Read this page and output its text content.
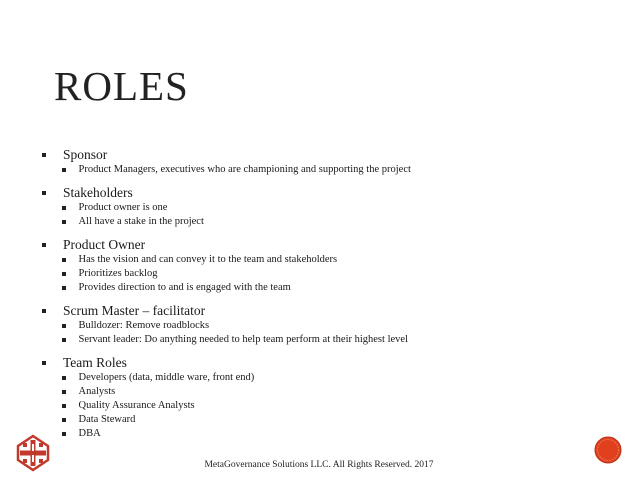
ROLES
Sponsor
Product Managers, executives who are championing and supporting the project
Stakeholders
Product owner is one
All have a stake in the project
Product Owner
Has the vision and can convey it to the team and stakeholders
Prioritizes backlog
Provides direction to and is engaged with the team
Scrum Master – facilitator
Bulldozer: Remove roadblocks
Servant leader: Do anything needed to help team perform at their highest level
Team Roles
Developers (data, middle ware, front end)
Analysts
Quality Assurance Analysts
Data Steward
DBA
MetaGovernance Solutions LLC. All Rights Reserved. 2017
